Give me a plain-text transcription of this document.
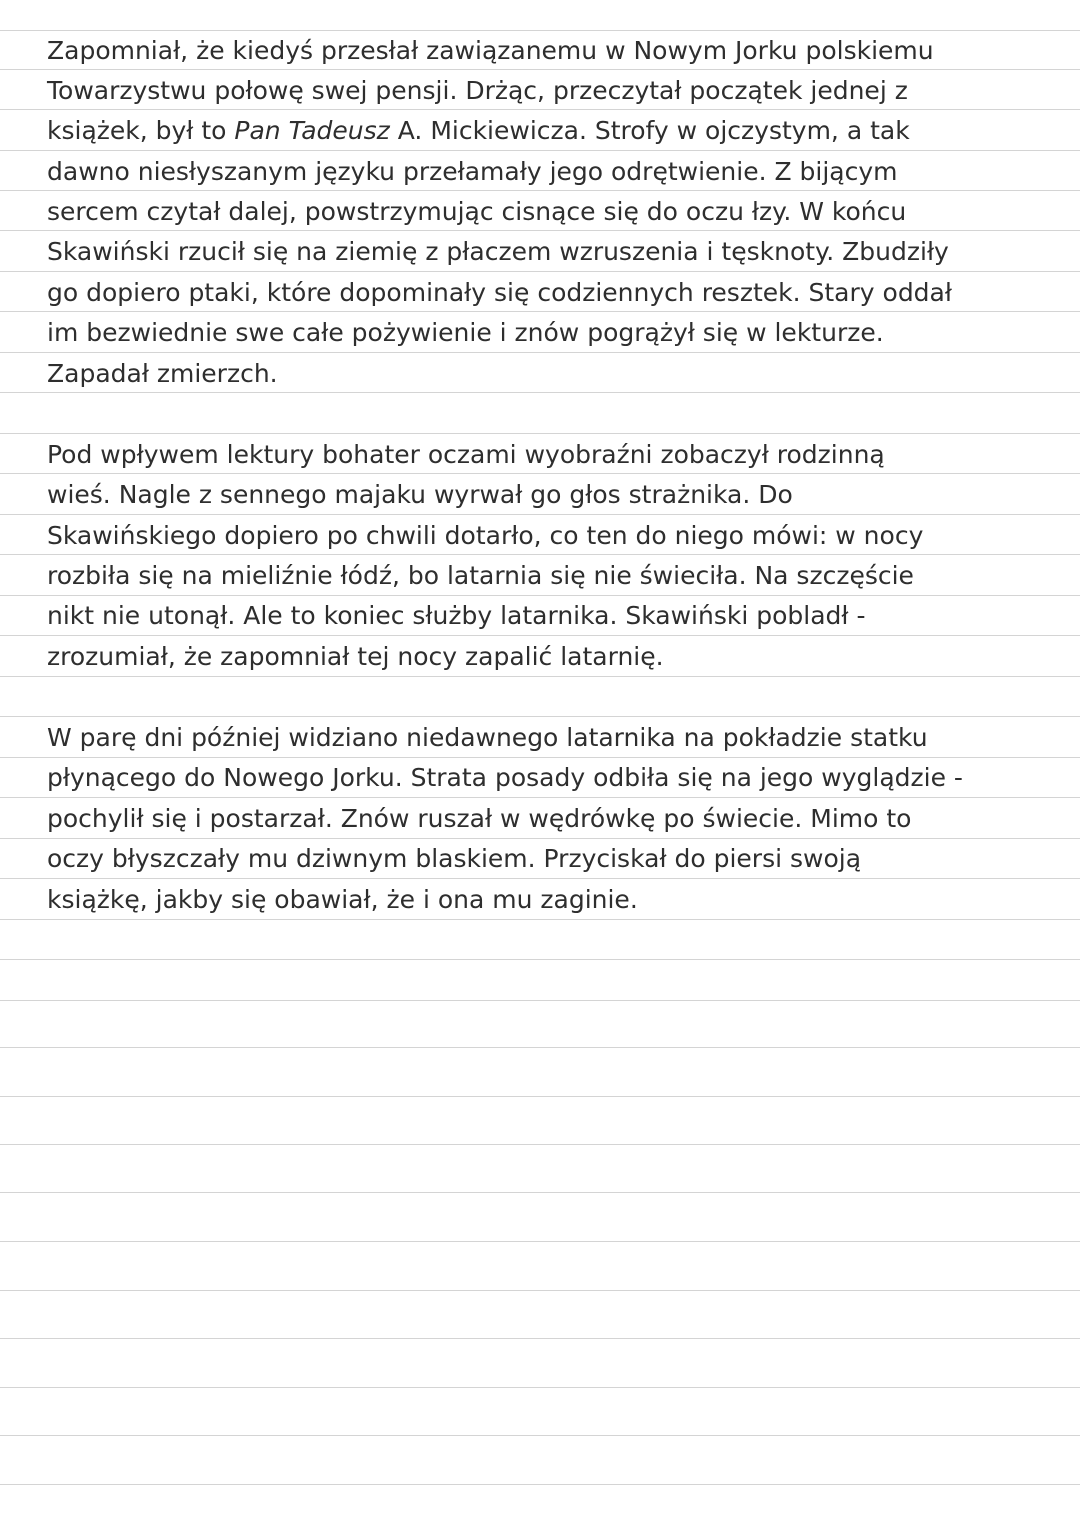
Zapomniał, że kiedyś przesłał zawiązanemu w Nowym Jorku polskiemu
Towarzystwu połowę swej pensji. Drżąc, przeczytał początek jednej z
książek, był to Pan Tadeusz A. Mickiewicza. Strofy w ojczystym, a tak
dawno niesłyszanym języku przełamały jego odrętwienie. Z bijącym
sercem czytał dalej, powstrzymując cisnące się do oczu łzy. W końcu
Skawiński rzucił się na ziemię z płaczem wzruszenia i tęsknoty. Zbudziły
go dopiero ptaki, które dopominały się codziennych resztek. Stary oddał
im bezwiednie swe całe pożywienie i znów pogrążył się w lekturze.
Zapadał zmierzch.
Pod wpływem lektury bohater oczami wyobraźni zobaczył rodzinną
wieś. Nagle z sennego majaku wyrwał go głos strażnika. Do
Skawińskiego dopiero po chwili dotarło, co ten do niego mówi: w nocy
rozbiła się na mieliźnie łódź, bo latarnia się nie świeciła. Na szczęście
nikt nie utonął. Ale to koniec służby latarnika. Skawiński pobladł -
zrozumiał, że zapomniał tej nocy zapalić latarnię.
W parę dni później widziano niedawnego latarnika na pokładzie statku
płynącego do Nowego Jorku. Strata posady odbiła się na jego wyglądzie -
pochylił się i postarzał. Znów ruszał w wędrówkę po świecie. Mimo to
oczy błyszczały mu dziwnym blaskiem. Przyciskał do piersi swoją
książkę, jakby się obawiał, że i ona mu zaginie.
